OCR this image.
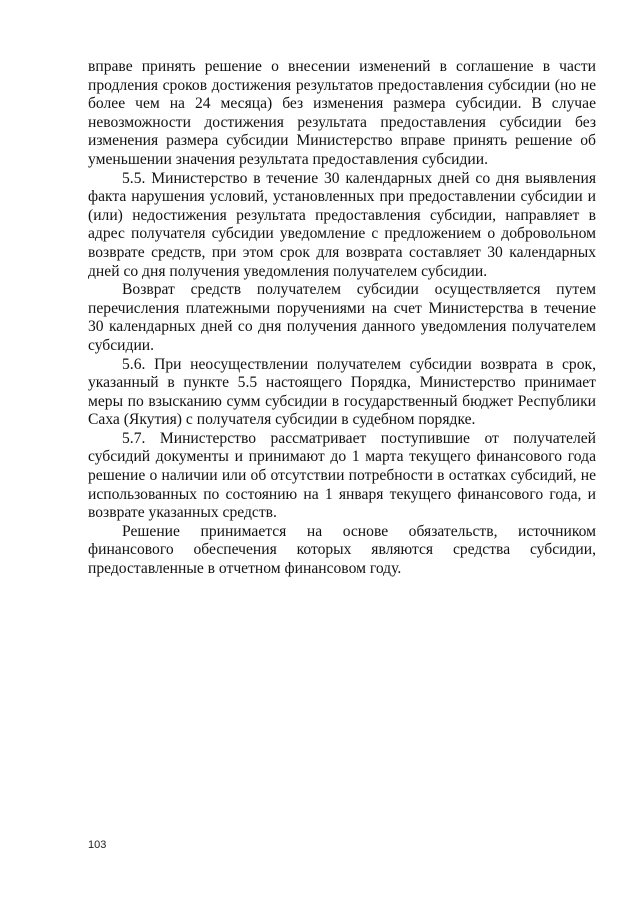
вправе принять решение о внесении изменений в соглашение в части продления сроков достижения результатов предоставления субсидии (но не более чем на 24 месяца) без изменения размера субсидии. В случае невозможности достижения результата предоставления субсидии без изменения размера субсидии Министерство вправе принять решение об уменьшении значения результата предоставления субсидии.

5.5. Министерство в течение 30 календарных дней со дня выявления факта нарушения условий, установленных при предоставлении субсидии и (или) недостижения результата предоставления субсидии, направляет в адрес получателя субсидии уведомление с предложением о добровольном возврате средств, при этом срок для возврата составляет 30 календарных дней со дня получения уведомления получателем субсидии.

Возврат средств получателем субсидии осуществляется путем перечисления платежными поручениями на счет Министерства в течение 30 календарных дней со дня получения данного уведомления получателем субсидии.

5.6. При неосуществлении получателем субсидии возврата в срок, указанный в пункте 5.5 настоящего Порядка, Министерство принимает меры по взысканию сумм субсидии в государственный бюджет Республики Саха (Якутия) с получателя субсидии в судебном порядке.

5.7. Министерство рассматривает поступившие от получателей субсидий документы и принимают до 1 марта текущего финансового года решение о наличии или об отсутствии потребности в остатках субсидий, не использованных по состоянию на 1 января текущего финансового года, и возврате указанных средств.

Решение принимается на основе обязательств, источником финансового обеспечения которых являются средства субсидии, предоставленные в отчетном финансовом году.

103
